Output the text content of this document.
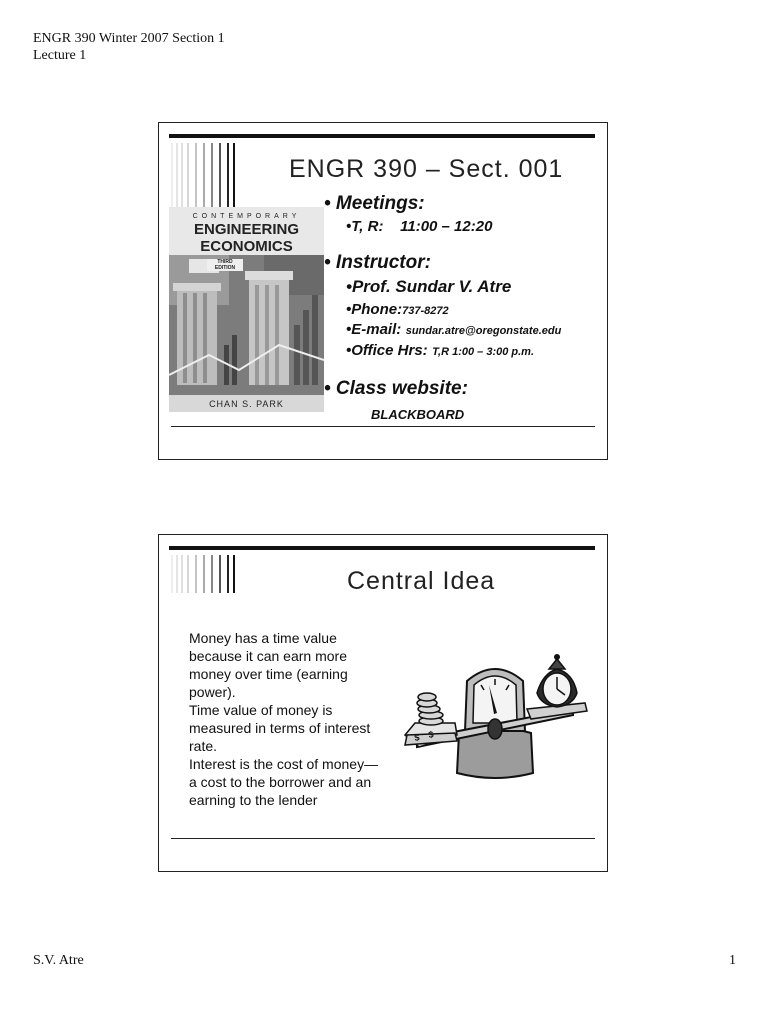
ENGR 390 Winter 2007 Section 1
Lecture 1
ENGR 390 – Sect. 001
CONTEMPORARY
ENGINEERING
ECONOMICS
THIRD
EDITION
CHAN S. PARK
• Meetings:
•T, R:    11:00 – 12:20
• Instructor:
•Prof. Sundar V. Atre
•Phone:737-8272
•E-mail: sundar.atre@oregonstate.edu
•Office Hrs: T,R 1:00 – 3:00 p.m.
• Class website:
BLACKBOARD
Central Idea
Money has a time value
because it can earn more
money over time (earning
power).
Time value of money is
measured in terms of interest
rate.
Interest is the cost of money—
a cost to the borrower and an
earning to the lender
$ $
S.V. Atre	1
